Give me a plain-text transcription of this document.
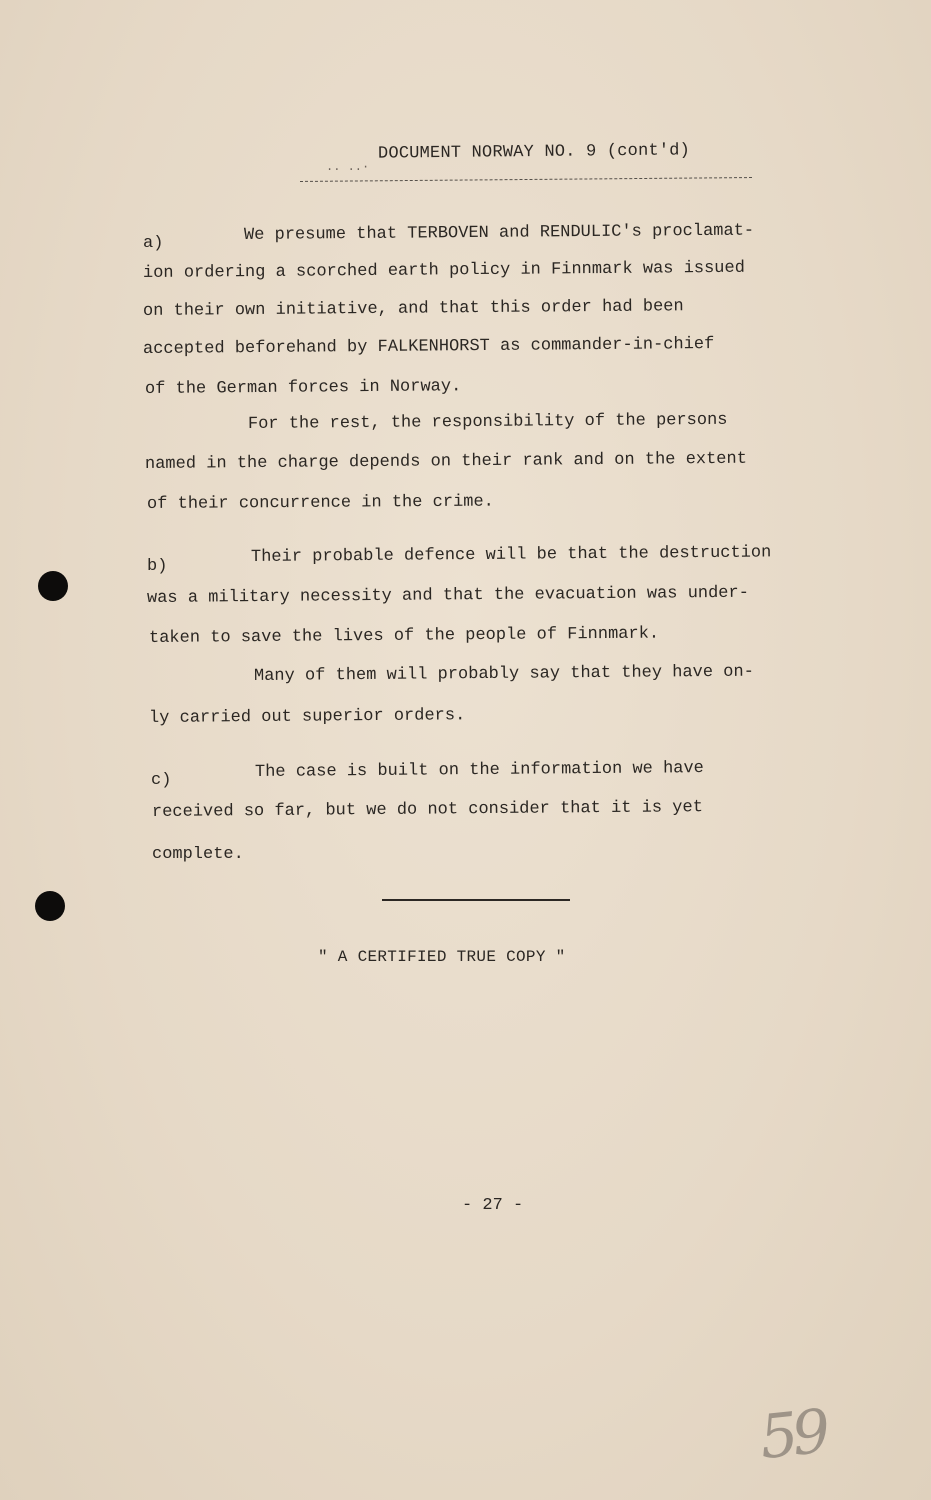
.. ..·
DOCUMENT NORWAY NO. 9 (cont'd)
a)	We presume that TERBOVEN and RENDULIC's proclamat-
ion ordering a scorched earth policy in Finnmark was issued
on their own initiative, and that this order had been
accepted beforehand by FALKENHORST as commander-in-chief
of the German forces in Norway.
For the rest, the responsibility of the persons
named in the charge depends on their rank and on the extent
of their concurrence in the crime.
b)	Their probable defence will be that the destruction
was a military necessity and that the evacuation was under-
taken to save the lives of the people of Finnmark.
Many of them will probably say that they have on-
ly carried out superior orders.
c)	The case is built on the information we have
received so far, but we do not consider that it is yet
complete.
" A CERTIFIED TRUE COPY "
- 27 -
59
